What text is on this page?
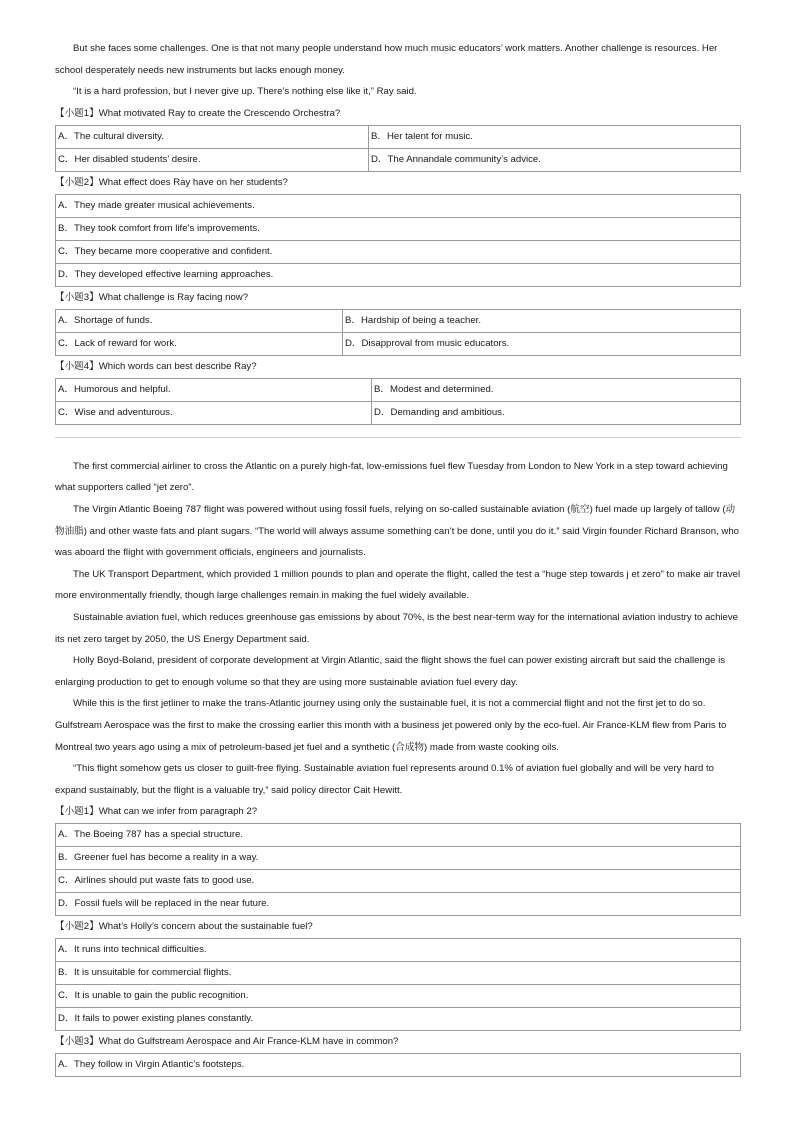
But she faces some challenges. One is that not many people understand how much music educators’ work matters. Another challenge is resources. Her school desperately needs new instruments but lacks enough money.

“It is a hard profession, but I never give up. There’s nothing else like it,” Ray said.

【小题1】What motivated Ray to create the Crescendo Orchestra?
A．The cultural diversity.	B．Her talent for music.
C．Her disabled students’ desire.	D．The Annandale community’s advice.
【小题2】What effect does Ray have on her students?
A．They made greater musical achievements.
B．They took comfort from life’s improvements.
C．They became more cooperative and confident.
D．They developed effective learning approaches.
【小题3】What challenge is Ray facing now?
A．Shortage of funds.	B．Hardship of being a teacher.
C．Lack of reward for work.	D．Disapproval from music educators.
【小题4】Which words can best describe Ray?
A．Humorous and helpful.	B．Modest and determined.
C．Wise and adventurous.	D．Demanding and ambitious.

The first commercial airliner to cross the Atlantic on a purely high-fat, low-emissions fuel flew Tuesday from London to New York in a step toward achieving what supporters called “jet zero”.

The Virgin Atlantic Boeing 787 flight was powered without using fossil fuels, relying on so-called sustainable aviation (航空) fuel made up largely of tallow (动物油脂) and other waste fats and plant sugars. “The world will always assume something can’t be done, until you do it.” said Virgin founder Richard Branson, who was aboard the flight with government officials, engineers and journalists.

The UK Transport Department, which provided 1 million pounds to plan and operate the flight, called the test a “huge step towards j et zero” to make air travel more environmentally friendly, though large challenges remain in making the fuel widely available.

Sustainable aviation fuel, which reduces greenhouse gas emissions by about 70%, is the best near-term way for the international aviation industry to achieve its net zero target by 2050, the US Energy Department said.

Holly Boyd-Boland, president of corporate development at Virgin Atlantic, said the flight shows the fuel can power existing aircraft but said the challenge is enlarging production to get to enough volume so that they are using more sustainable aviation fuel every day.

While this is the first jetliner to make the trans-Atlantic journey using only the sustainable fuel, it is not a commercial flight and not the first jet to do so. Gulfstream Aerospace was the first to make the crossing earlier this month with a business jet powered only by the eco-fuel. Air France-KLM flew from Paris to Montreal two years ago using a mix of petroleum-based jet fuel and a synthetic (合成物) made from waste cooking oils.

“This flight somehow gets us closer to guilt-free flying. Sustainable aviation fuel represents around 0.1% of aviation fuel globally and will be very hard to expand sustainably, but the flight is a valuable try,” said policy director Cait Hewitt.

【小题1】What can we infer from paragraph 2?
A．The Boeing 787 has a special structure.
B．Greener fuel has become a reality in a way.
C．Airlines should put waste fats to good use.
D．Fossil fuels will be replaced in the near future.
【小题2】What’s Holly’s concern about the sustainable fuel?
A．It runs into technical difficulties.
B．It is unsuitable for commercial flights.
C．It is unable to gain the public recognition.
D．It fails to power existing planes constantly.
【小题3】What do Gulfstream Aerospace and Air France-KLM have in common?
A．They follow in Virgin Atlantic’s footsteps.
